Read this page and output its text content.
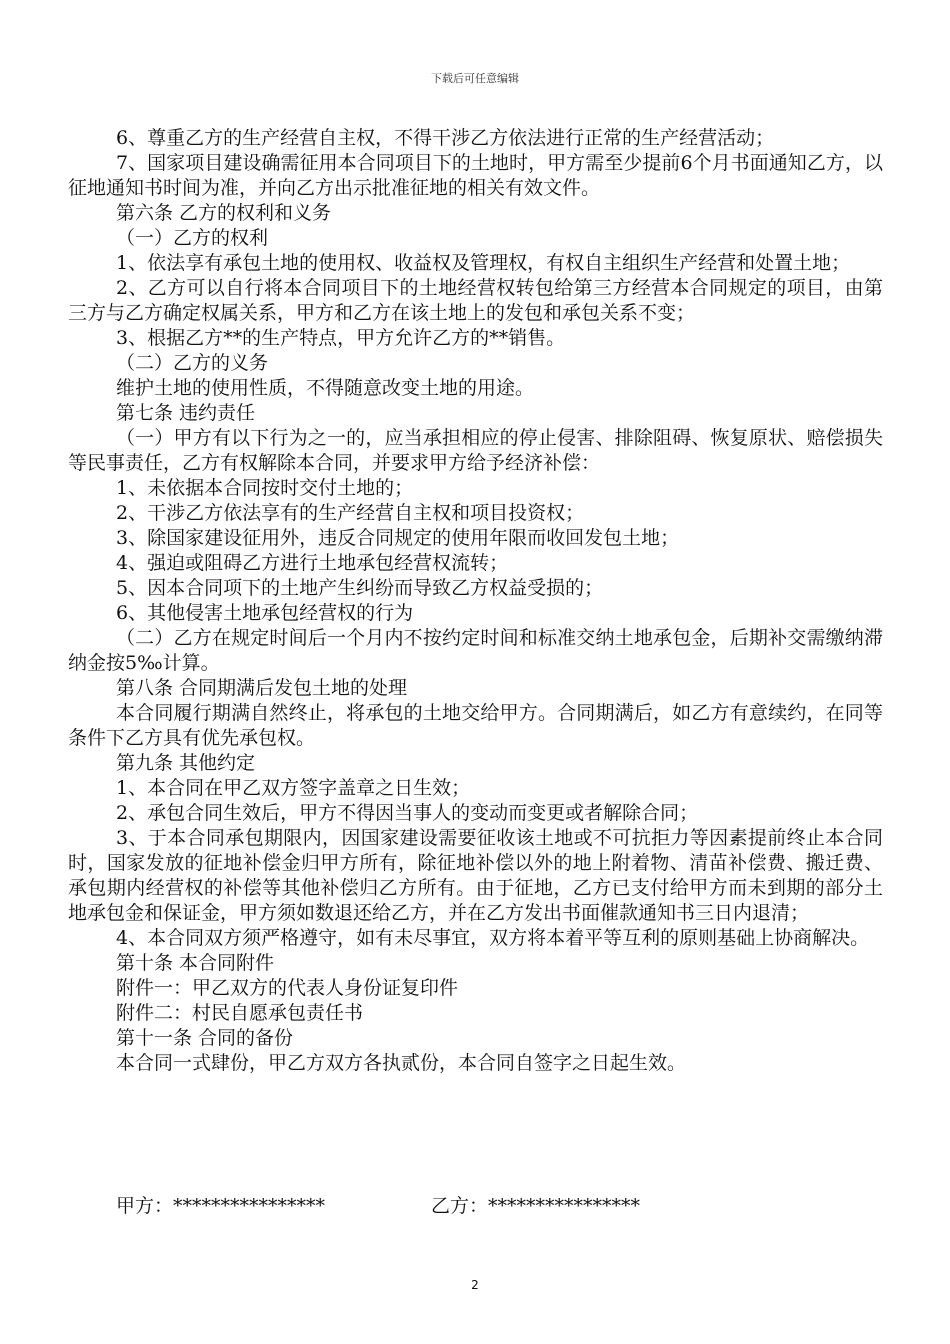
下载后可任意编辑

6、尊重乙方的生产经营自主权，不得干涉乙方依法进行正常的生产经营活动；

7、国家项目建设确需征用本合同项目下的土地时，甲方需至少提前6个月书面通知乙方，以征地通知书时间为准，并向乙方出示批准征地的相关有效文件。

第六条 乙方的权利和义务

（一）乙方的权利

1、依法享有承包土地的使用权、收益权及管理权，有权自主组织生产经营和处置土地；

2、乙方可以自行将本合同项目下的土地经营权转包给第三方经营本合同规定的项目，由第三方与乙方确定权属关系，甲方和乙方在该土地上的发包和承包关系不变；

3、根据乙方**的生产特点，甲方允许乙方的**销售。

（二）乙方的义务

维护土地的使用性质，不得随意改变土地的用途。

第七条 违约责任

（一）甲方有以下行为之一的，应当承担相应的停止侵害、排除阻碍、恢复原状、赔偿损失等民事责任，乙方有权解除本合同，并要求甲方给予经济补偿：

1、未依据本合同按时交付土地的；

2、干涉乙方依法享有的生产经营自主权和项目投资权；

3、除国家建设征用外，违反合同规定的使用年限而收回发包土地；

4、强迫或阻碍乙方进行土地承包经营权流转；

5、因本合同项下的土地产生纠纷而导致乙方权益受损的；

6、其他侵害土地承包经营权的行为

（二）乙方在规定时间后一个月内不按约定时间和标准交纳土地承包金，后期补交需缴纳滞纳金按5‰计算。

第八条 合同期满后发包土地的处理

本合同履行期满自然终止，将承包的土地交给甲方。合同期满后，如乙方有意续约，在同等条件下乙方具有优先承包权。

第九条 其他约定

1、本合同在甲乙双方签字盖章之日生效；

2、承包合同生效后，甲方不得因当事人的变动而变更或者解除合同；

3、于本合同承包期限内，因国家建设需要征收该土地或不可抗拒力等因素提前终止本合同时，国家发放的征地补偿金归甲方所有，除征地补偿以外的地上附着物、清苗补偿费、搬迁费、承包期内经营权的补偿等其他补偿归乙方所有。由于征地，乙方已支付给甲方而未到期的部分土地承包金和保证金，甲方须如数退还给乙方，并在乙方发出书面催款通知书三日内退清；

4、本合同双方须严格遵守，如有未尽事宜，双方将本着平等互利的原则基础上协商解决。

第十条 本合同附件

附件一：甲乙双方的代表人身份证复印件

附件二：村民自愿承包责任书

第十一条 合同的备份

本合同一式肆份，甲乙方双方各执贰份，本合同自签字之日起生效。

甲方：****************	乙方：****************
2
